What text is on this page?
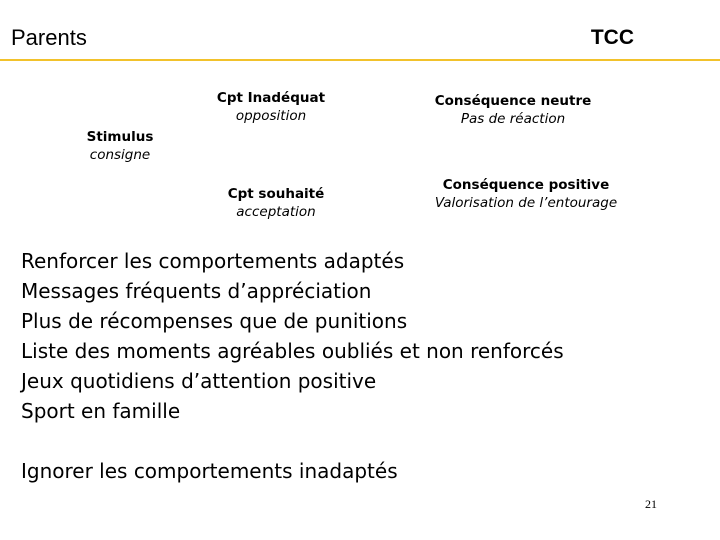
Parents	TCC
Stimulus
consigne
Cpt Inadéquat
opposition
Cpt souhaité
acceptation
Conséquence neutre
Pas de réaction
Conséquence positive
Valorisation de l’entourage
Renforcer les comportements adaptés
Messages fréquents d’appréciation
Plus de récompenses que de punitions
Liste des moments agréables oubliés et non renforcés
Jeux quotidiens d’attention positive
Sport en famille
Ignorer les comportements inadaptés
21
